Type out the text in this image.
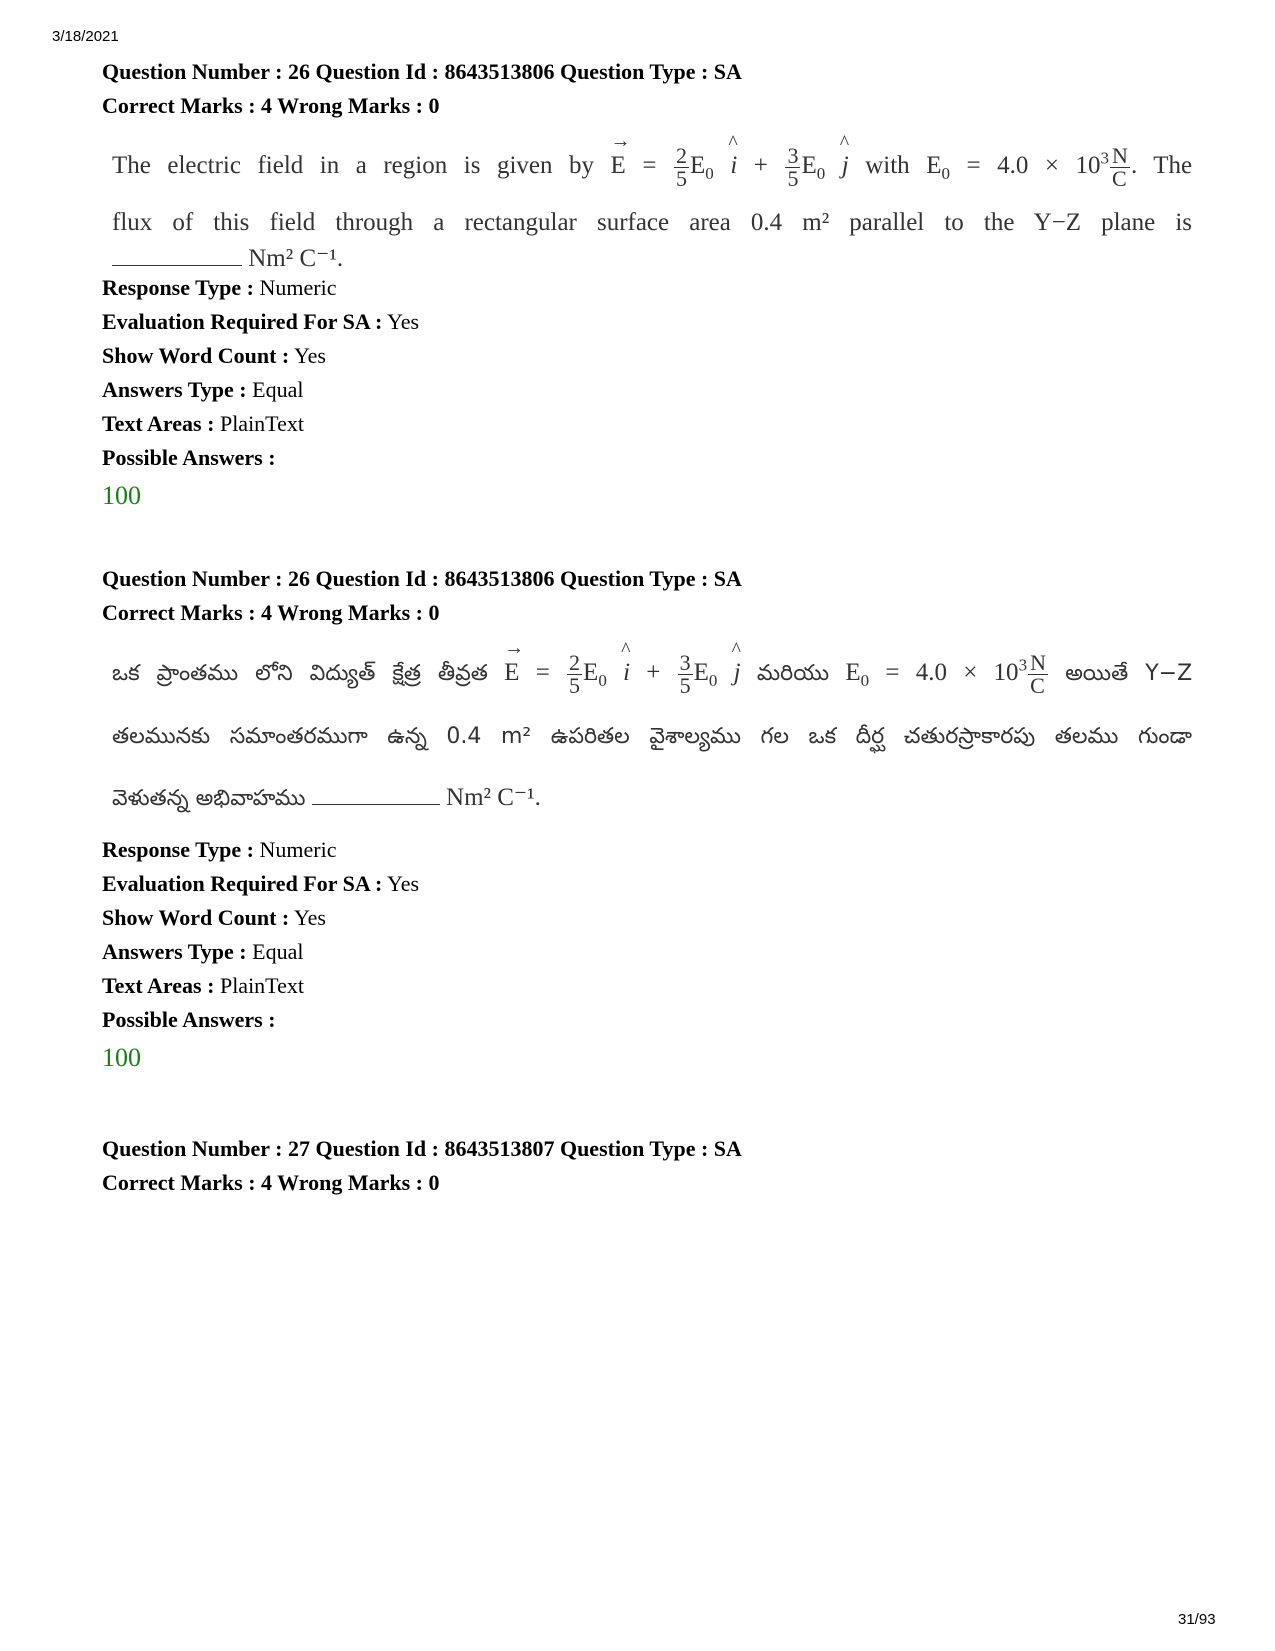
3/18/2021
Question Number : 26 Question Id : 8643513806 Question Type : SA
Correct Marks : 4 Wrong Marks : 0
The electric field in a region is given by → $E = \frac{2}{5} E_0$ ^ $i + \frac{3}{5} E_0$ ^ j with $E_0 = 4.0 \times 10^3 \frac{N}{C}$ . The
flux of this field through a rectangular surface area 0.4 m² parallel to the Y−Z plane is
Nm² C⁻¹.
Response Type : Numeric
Evaluation Required For SA : Yes
Show Word Count : Yes
Answers Type : Equal
Text Areas : PlainText
Possible Answers :
100
Question Number : 26 Question Id : 8643513806 Question Type : SA
Correct Marks : 4 Wrong Marks : 0
ఒక ప్రాంతము లోని విద్యుత్ క్షేత్ర తీవ్రత → $E = \frac{2}{5} E_0$ ^ $i + \frac{3}{5} E_0$ ^ j మరియు $E_0 = 4.0 \times 10^3 \frac{N}{C}$ అయితే Y−Z
తలమునకు సమాంతరముగా ఉన్న 0.4 m² ఉపరితల వైశాల్యము గల ఒక దీర్ఘ చతురస్రాకారపు తలము గుండా
వెళుతన్న అభివాహము	Nm² C⁻¹.
Response Type : Numeric
Evaluation Required For SA : Yes
Show Word Count : Yes
Answers Type : Equal
Text Areas : PlainText
Possible Answers :
100
Question Number : 27 Question Id : 8643513807 Question Type : SA
Correct Marks : 4 Wrong Marks : 0
31/93
